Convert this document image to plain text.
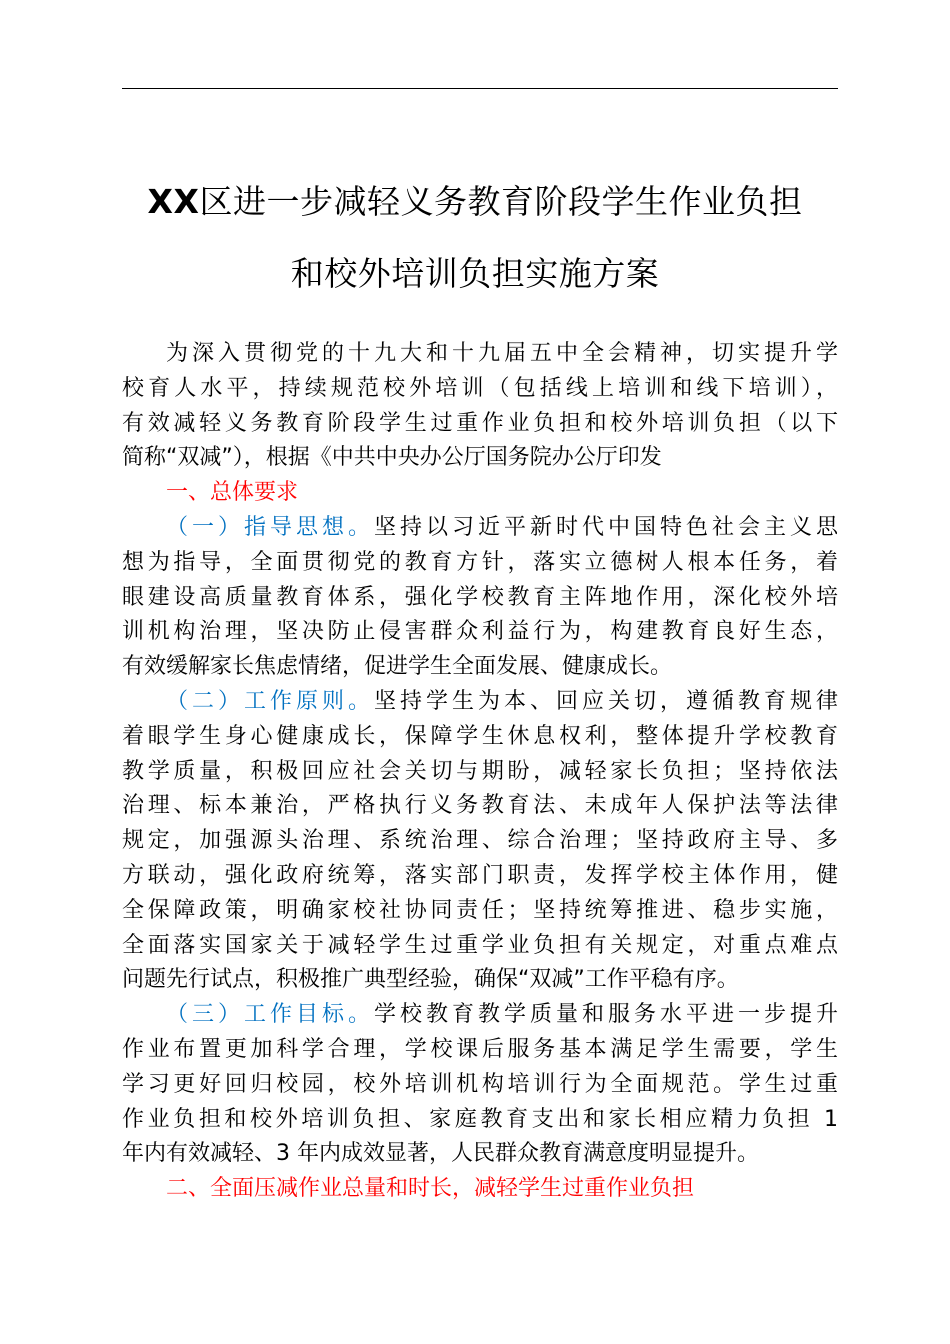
XX区进一步减轻义务教育阶段学生作业负担
和校外培训负担实施方案
为深入贯彻党的十九大和十九届五中全会精神，切实提升学
校育人水平，持续规范校外培训（包括线上培训和线下培训），
有效减轻义务教育阶段学生过重作业负担和校外培训负担（以下
简称“双减”），根据《中共中央办公厅国务院办公厅印发
一、总体要求
（一）指导思想。坚持以习近平新时代中国特色社会主义思
想为指导，全面贯彻党的教育方针，落实立德树人根本任务，着
眼建设高质量教育体系，强化学校教育主阵地作用，深化校外培
训机构治理，坚决防止侵害群众利益行为，构建教育良好生态，
有效缓解家长焦虑情绪，促进学生全面发展、健康成长。
（二）工作原则。坚持学生为本、回应关切，遵循教育规律
着眼学生身心健康成长，保障学生休息权利，整体提升学校教育
教学质量，积极回应社会关切与期盼，减轻家长负担；坚持依法
治理、标本兼治，严格执行义务教育法、未成年人保护法等法律
规定，加强源头治理、系统治理、综合治理；坚持政府主导、多
方联动，强化政府统筹，落实部门职责，发挥学校主体作用，健
全保障政策，明确家校社协同责任；坚持统筹推进、稳步实施，
全面落实国家关于减轻学生过重学业负担有关规定，对重点难点
问题先行试点，积极推广典型经验，确保“双减”工作平稳有序。
（三）工作目标。学校教育教学质量和服务水平进一步提升
作业布置更加科学合理，学校课后服务基本满足学生需要，学生
学习更好回归校园，校外培训机构培训行为全面规范。学生过重
作业负担和校外培训负担、家庭教育支出和家长相应精力负担 1
年内有效减轻、3 年内成效显著，人民群众教育满意度明显提升。
二、全面压减作业总量和时长，减轻学生过重作业负担
